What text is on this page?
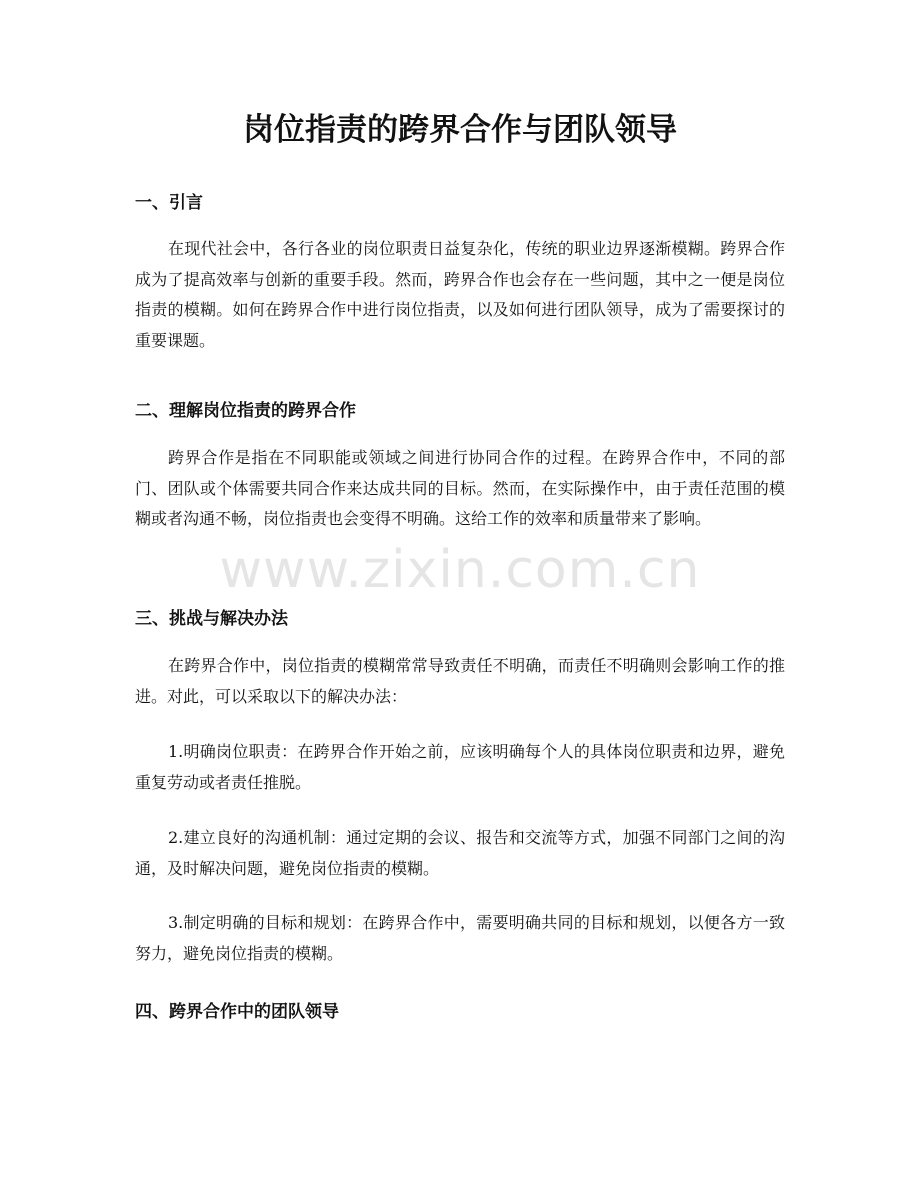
岗位指责的跨界合作与团队领导
一、引言

在现代社会中，各行各业的岗位职责日益复杂化，传统的职业边界逐渐模糊。跨界合作成为了提高效率与创新的重要手段。然而，跨界合作也会存在一些问题，其中之一便是岗位指责的模糊。如何在跨界合作中进行岗位指责，以及如何进行团队领导，成为了需要探讨的重要课题。

二、理解岗位指责的跨界合作

跨界合作是指在不同职能或领域之间进行协同合作的过程。在跨界合作中，不同的部门、团队或个体需要共同合作来达成共同的目标。然而，在实际操作中，由于责任范围的模糊或者沟通不畅，岗位指责也会变得不明确。这给工作的效率和质量带来了影响。

三、挑战与解决办法

在跨界合作中，岗位指责的模糊常常导致责任不明确，而责任不明确则会影响工作的推进。对此，可以采取以下的解决办法：

1.明确岗位职责：在跨界合作开始之前，应该明确每个人的具体岗位职责和边界，避免重复劳动或者责任推脱。

2.建立良好的沟通机制：通过定期的会议、报告和交流等方式，加强不同部门之间的沟通，及时解决问题，避免岗位指责的模糊。

3.制定明确的目标和规划：在跨界合作中，需要明确共同的目标和规划，以便各方一致努力，避免岗位指责的模糊。

四、跨界合作中的团队领导
www.zixin.com.cn
